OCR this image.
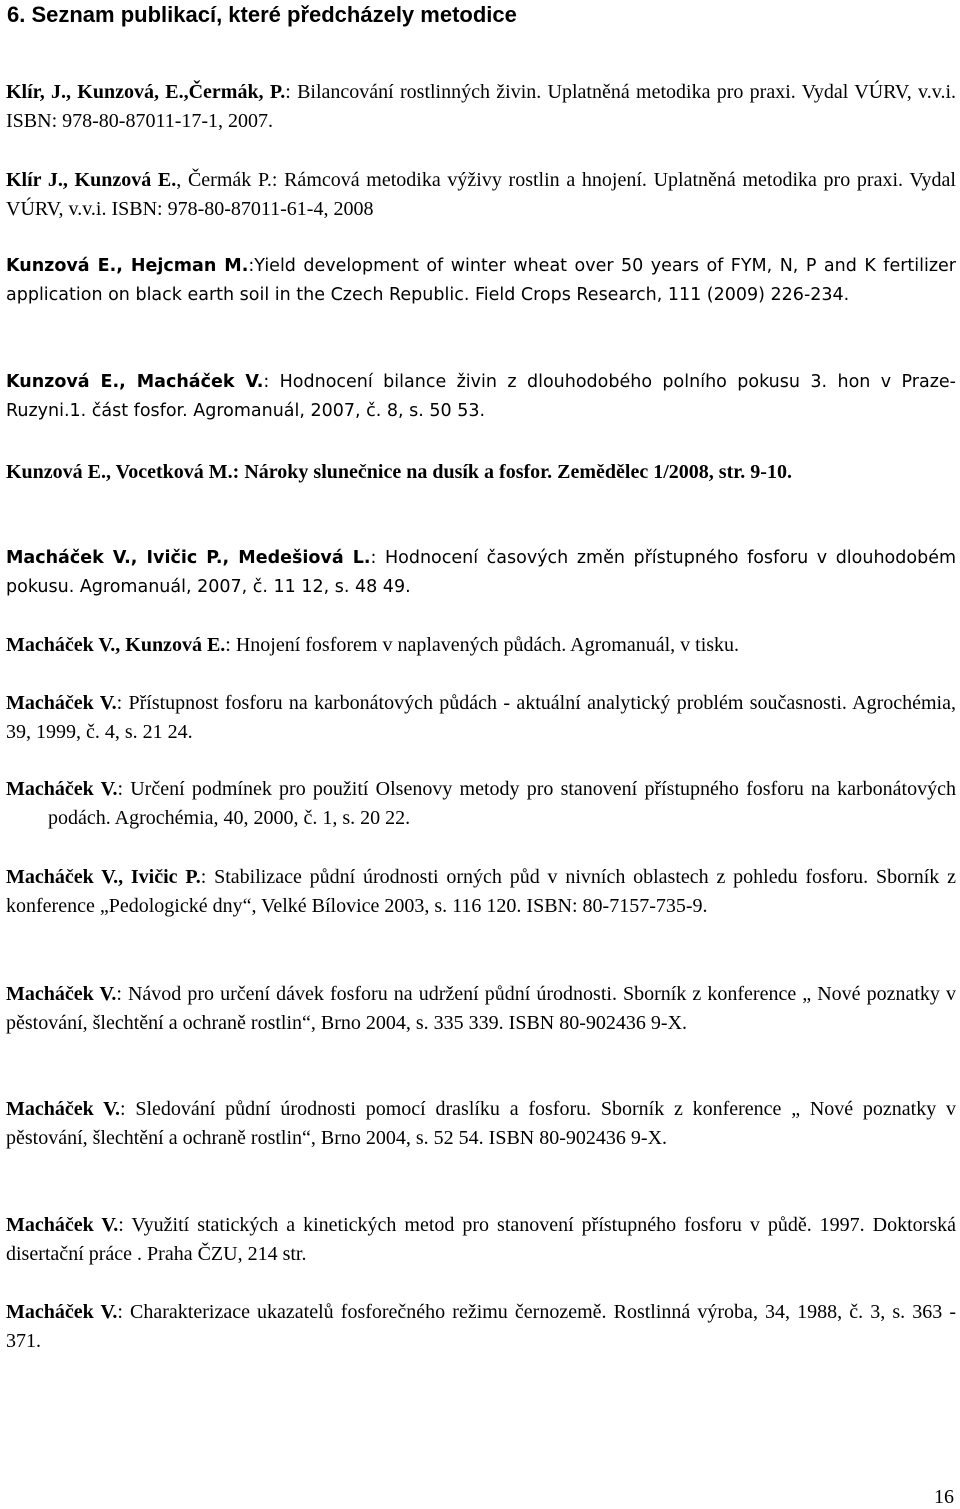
6. Seznam publikací, které předcházely metodice
Klír, J., Kunzová, E.,Čermák, P.: Bilancování rostlinných živin. Uplatněná metodika pro praxi. Vydal VÚRV, v.v.i. ISBN: 978-80-87011-17-1, 2007.
Klír J., Kunzová E., Čermák P.: Rámcová metodika výživy rostlin a hnojení. Uplatněná metodika pro praxi. Vydal VÚRV, v.v.i. ISBN: 978-80-87011-61-4, 2008
Kunzová E., Hejcman M.:Yield development of winter wheat over 50 years of FYM, N, P and K fertilizer application on black earth soil in the Czech Republic. Field Crops Research, 111 (2009) 226-234.
Kunzová E., Macháček V.: Hodnocení bilance živin z dlouhodobého polního pokusu 3. hon v Praze-Ruzyni.1. část fosfor. Agromanuál, 2007, č. 8, s. 50 53.
Kunzová E., Vocetková M.: Nároky slunečnice na dusík a fosfor. Zemědělec 1/2008, str. 9-10.
Macháček V., Ivičic P., Medešiová L.: Hodnocení časových změn přístupného fosforu v dlouhodobém pokusu. Agromanuál, 2007, č. 11 12, s. 48 49.
Macháček V., Kunzová E.: Hnojení fosforem v naplavených půdách. Agromanuál, v tisku.
Macháček V.: Přístupnost fosforu na karbonátových půdách - aktuální analytický problém současnosti. Agrochémia, 39, 1999, č. 4, s. 21 24.
Macháček V.: Určení podmínek pro použití Olsenovy metody pro stanovení přístupného fosforu na karbonátových podách. Agrochémia, 40, 2000, č. 1, s. 20 22.
Macháček V., Ivičic P.: Stabilizace půdní úrodnosti orných půd v nivních oblastech z pohledu fosforu. Sborník z konference „Pedologické dny“, Velké Bílovice 2003, s. 116 120. ISBN: 80-7157-735-9.
Macháček V.: Návod pro určení dávek fosforu na udržení půdní úrodnosti. Sborník z konference „ Nové poznatky v pěstování, šlechtění a ochraně rostlin“, Brno 2004, s. 335 339. ISBN 80-902436 9-X.
Macháček V.: Sledování půdní úrodnosti pomocí draslíku a fosforu. Sborník z konference „ Nové poznatky v pěstování, šlechtění a ochraně rostlin“, Brno 2004, s. 52 54. ISBN 80-902436 9-X.
Macháček V.: Využití statických a kinetických metod pro stanovení přístupného fosforu v půdě. 1997. Doktorská disertační práce . Praha ČZU, 214 str.
Macháček V.: Charakterizace ukazatelů fosforečného režimu černozemě. Rostlinná výroba, 34, 1988, č. 3, s. 363 - 371.
16
